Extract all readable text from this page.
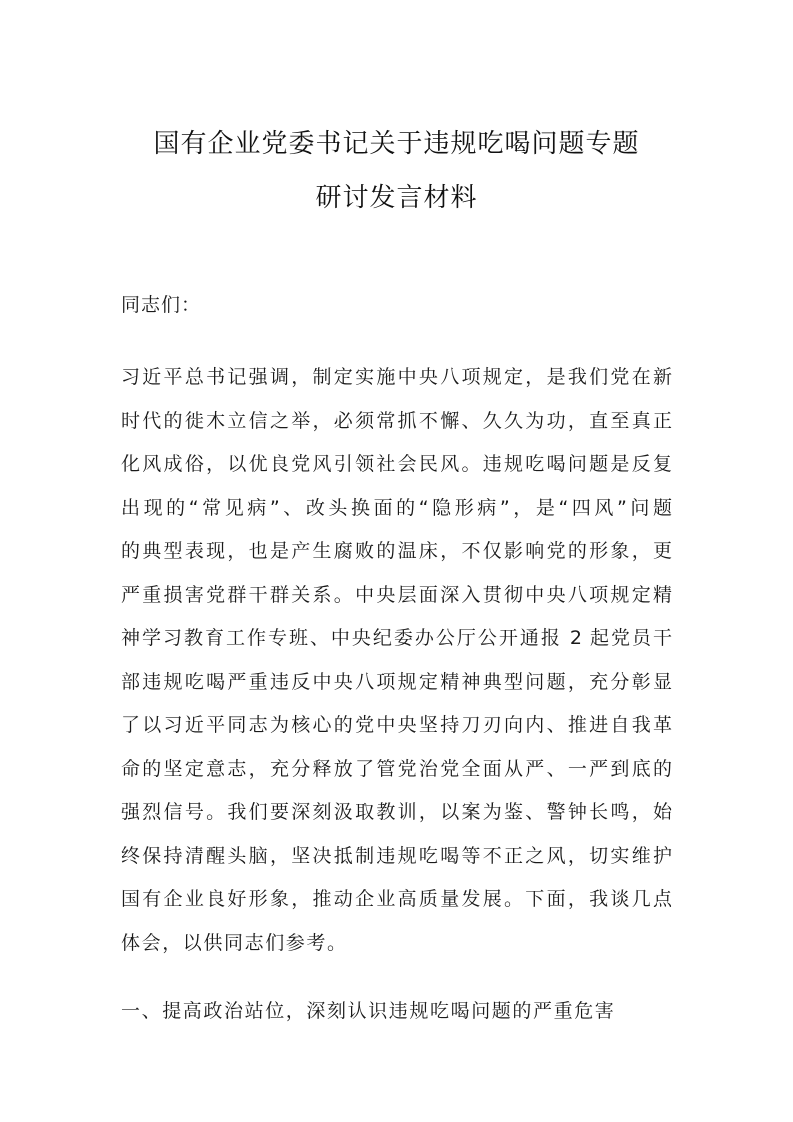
国有企业党委书记关于违规吃喝问题专题
研讨发言材料

同志们：

习近平总书记强调，制定实施中央八项规定，是我们党在新
时代的徙木立信之举，必须常抓不懈、久久为功，直至真正
化风成俗，以优良党风引领社会民风。违规吃喝问题是反复
出现的“常见病”、改头换面的“隐形病”，是“四风”问题
的典型表现，也是产生腐败的温床，不仅影响党的形象，更
严重损害党群干群关系。中央层面深入贯彻中央八项规定精
神学习教育工作专班、中央纪委办公厅公开通报 2 起党员干
部违规吃喝严重违反中央八项规定精神典型问题，充分彰显
了以习近平同志为核心的党中央坚持刀刃向内、推进自我革
命的坚定意志，充分释放了管党治党全面从严、一严到底的
强烈信号。我们要深刻汲取教训，以案为鉴、警钟长鸣，始
终保持清醒头脑，坚决抵制违规吃喝等不正之风，切实维护
国有企业良好形象，推动企业高质量发展。下面，我谈几点
体会，以供同志们参考。
一、提高政治站位，深刻认识违规吃喝问题的严重危害
